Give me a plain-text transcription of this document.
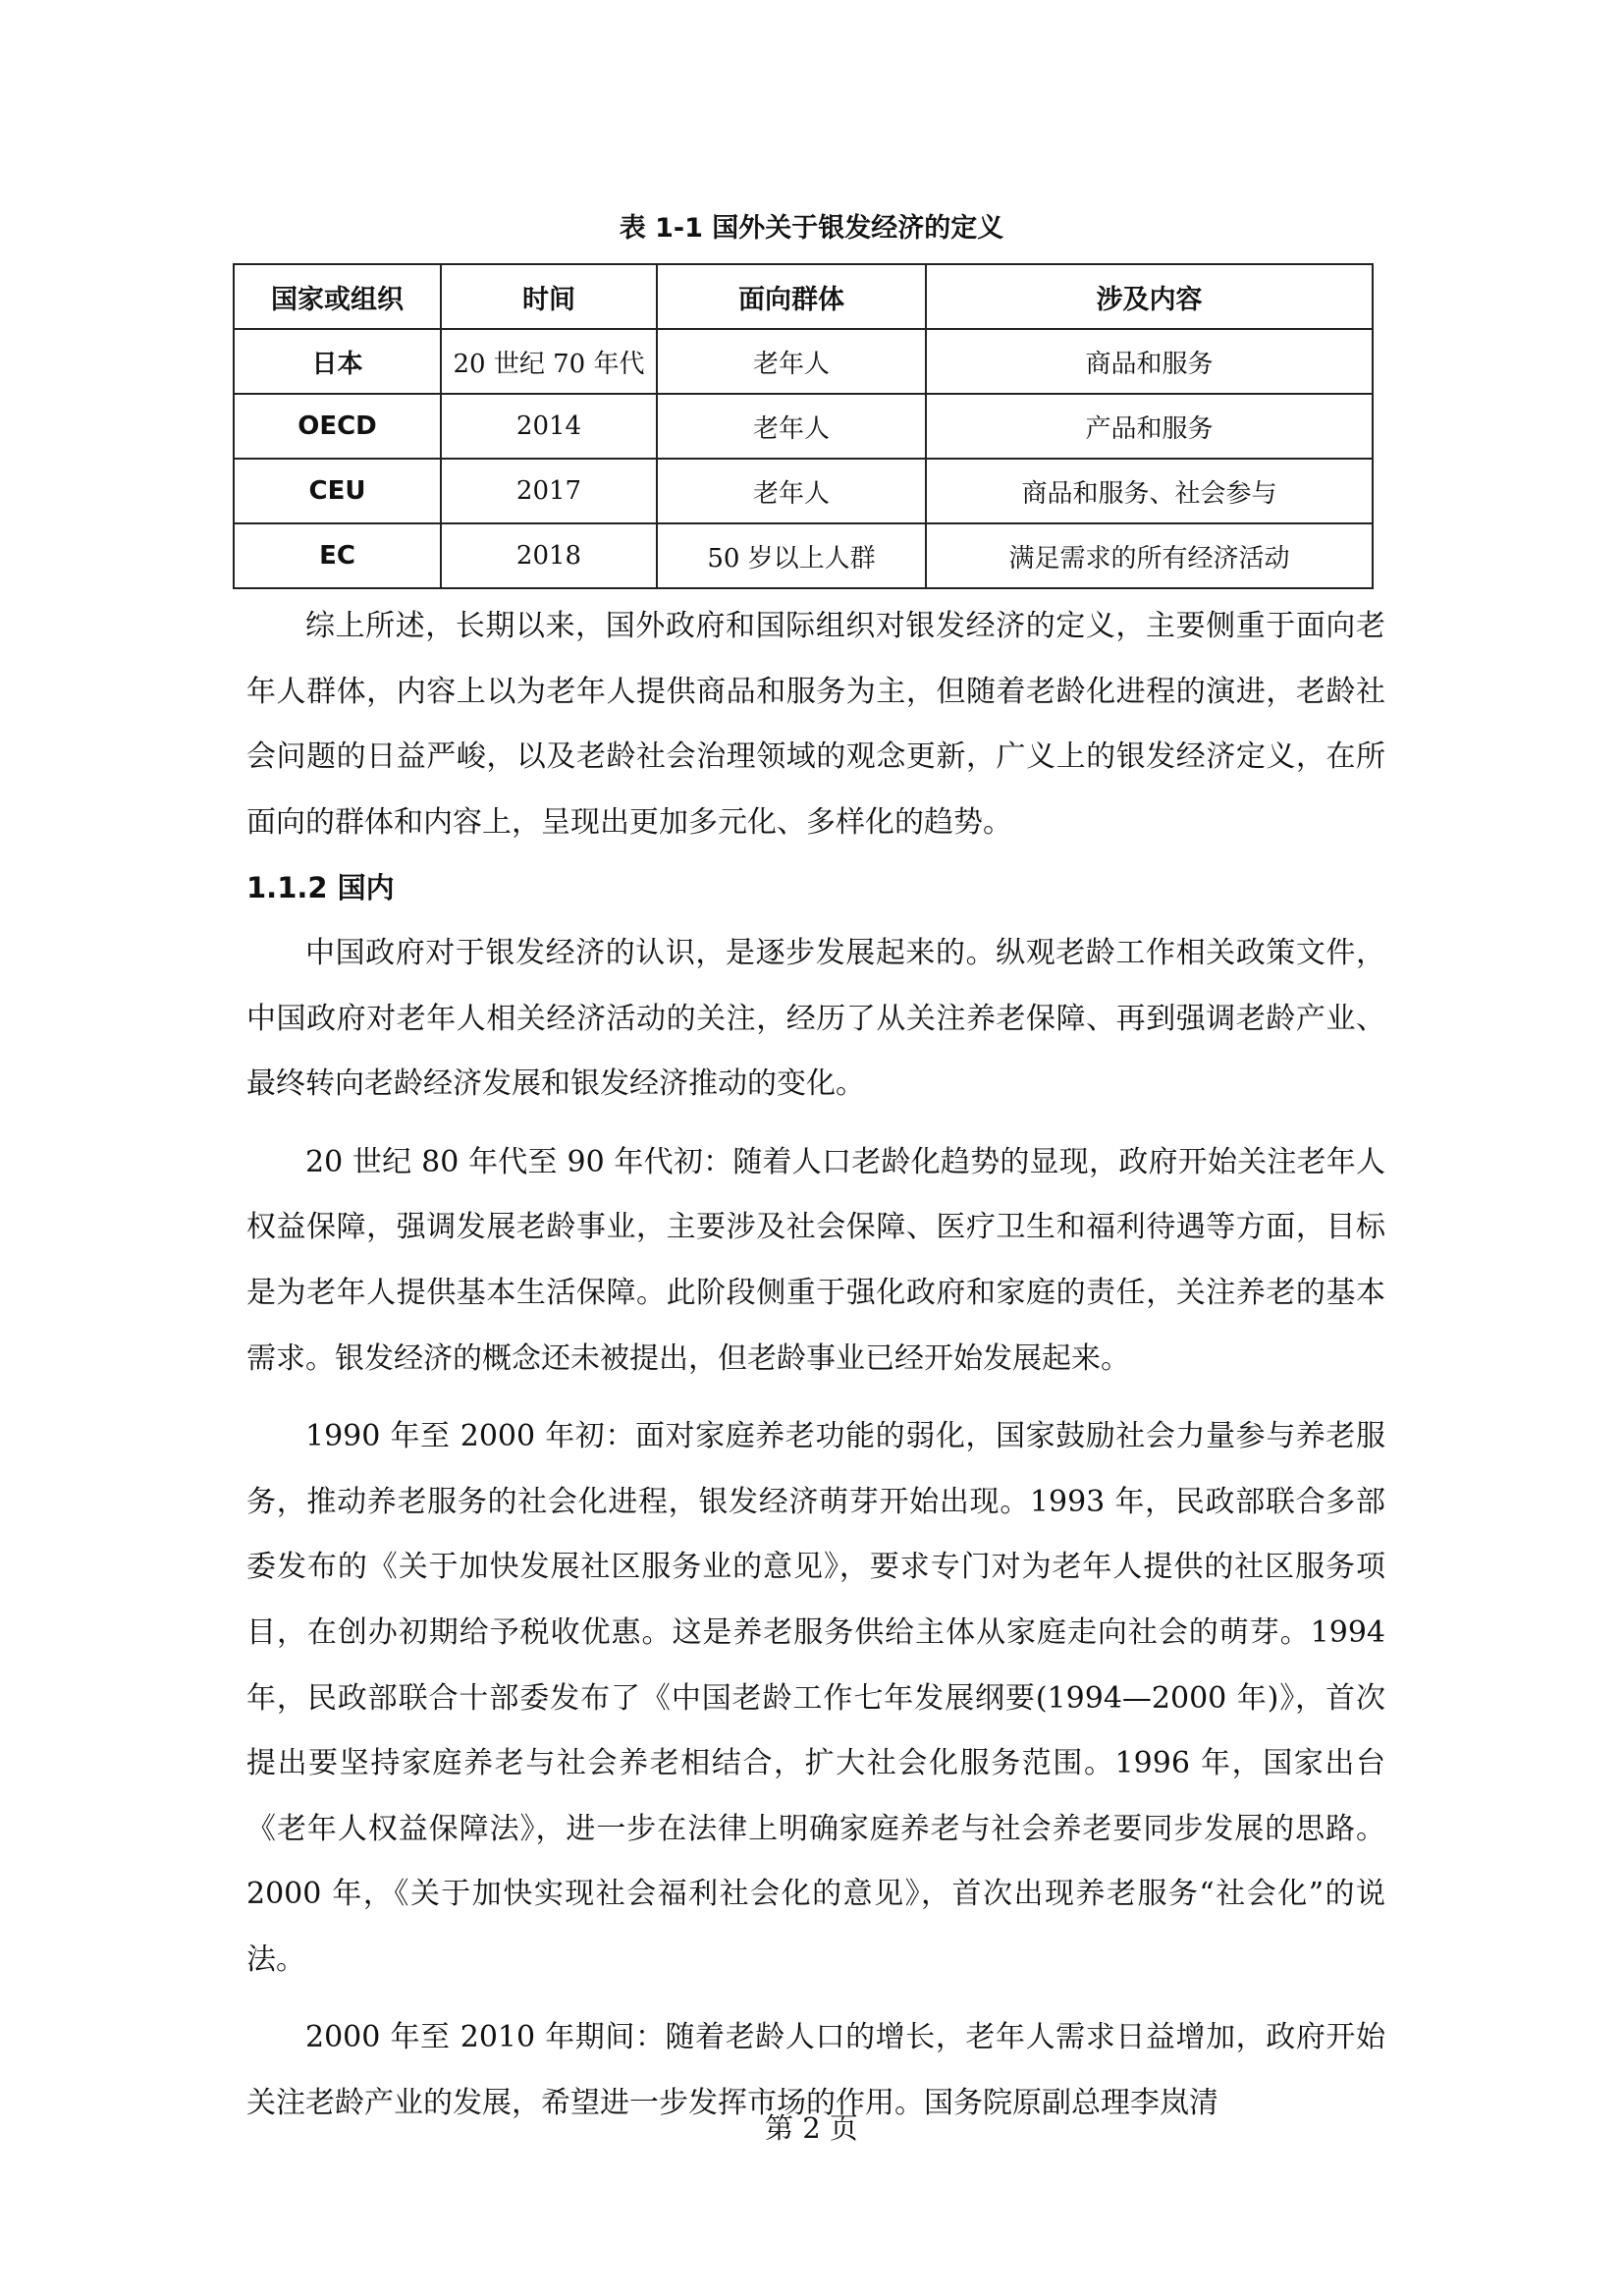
表 1-1 国外关于银发经济的定义

国家或组织	时间	面向群体	涉及内容
日本	20 世纪 70 年代	老年人	商品和服务
OECD	2014	老年人	产品和服务
CEU	2017	老年人	商品和服务、社会参与
EC	2018	50 岁以上人群	满足需求的所有经济活动

综上所述，长期以来，国外政府和国际组织对银发经济的定义，主要侧重于面向老年人群体，内容上以为老年人提供商品和服务为主，但随着老龄化进程的演进，老龄社会问题的日益严峻，以及老龄社会治理领域的观念更新，广义上的银发经济定义，在所面向的群体和内容上，呈现出更加多元化、多样化的趋势。

1.1.2 国内

中国政府对于银发经济的认识，是逐步发展起来的。纵观老龄工作相关政策文件，中国政府对老年人相关经济活动的关注，经历了从关注养老保障、再到强调老龄产业、最终转向老龄经济发展和银发经济推动的变化。

20 世纪 80 年代至 90 年代初：随着人口老龄化趋势的显现，政府开始关注老年人权益保障，强调发展老龄事业，主要涉及社会保障、医疗卫生和福利待遇等方面，目标是为老年人提供基本生活保障。此阶段侧重于强化政府和家庭的责任，关注养老的基本需求。银发经济的概念还未被提出，但老龄事业已经开始发展起来。

1990 年至 2000 年初：面对家庭养老功能的弱化，国家鼓励社会力量参与养老服务，推动养老服务的社会化进程，银发经济萌芽开始出现。1993 年，民政部联合多部委发布的《关于加快发展社区服务业的意见》，要求专门对为老年人提供的社区服务项目，在创办初期给予税收优惠。这是养老服务供给主体从家庭走向社会的萌芽。1994 年，民政部联合十部委发布了《中国老龄工作七年发展纲要(1994—2000 年)》，首次提出要坚持家庭养老与社会养老相结合，扩大社会化服务范围。1996 年，国家出台《老年人权益保障法》，进一步在法律上明确家庭养老与社会养老要同步发展的思路。2000 年，《关于加快实现社会福利社会化的意见》，首次出现养老服务“社会化”的说法。

2000 年至 2010 年期间：随着老龄人口的增长，老年人需求日益增加，政府开始关注老龄产业的发展，希望进一步发挥市场的作用。国务院原副总理李岚清

第 2 页
